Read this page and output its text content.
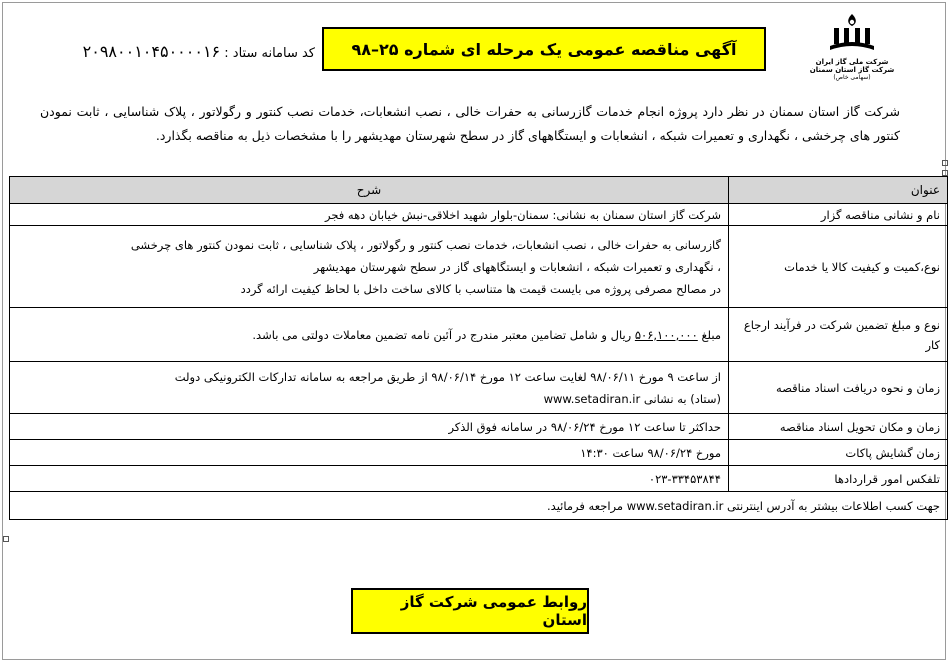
شرکت ملی گاز ایران
شرکت گاز استان سمنان
(سهامی خاص)
آگهی مناقصه عمومی یک مرحله ای شماره ۲۵–۹۸
کد سامانه ستاد : ۲۰۹۸۰۰۱۰۴۵۰۰۰۰۱۶
شرکت گاز استان سمنان در نظر دارد پروژه انجام خدمات گازرسانی به حفرات خالی ، نصب انشعابات، خدمات نصب کنتور و رگولاتور ، پلاک شناسایی ، ثابت نمودن کنتور های چرخشی ، نگهداری و تعمیرات شبکه ، انشعابات و ایستگاههای گاز در سطح شهرستان مهدیشهر را با مشخصات ذیل به مناقصه بگذارد.
عنوان	شرح
نام و نشانی مناقصه گزار	شرکت گاز استان سمنان به نشانی: سمنان-بلوار شهید اخلاقی-نبش خیابان دهه فجر
نوع،کمیت و کیفیت کالا یا خدمات	گازرسانی به حفرات خالی ، نصب انشعابات، خدمات نصب کنتور و رگولاتور ، پلاک شناسایی ، ثابت نمودن کنتور های چرخشی
، نگهداری و تعمیرات شبکه ، انشعابات و ایستگاههای گاز در سطح شهرستان مهدیشهر
در مصالح مصرفی پروژه می بایست قیمت ها متناسب با کالای ساخت داخل با لحاظ کیفیت ارائه گردد

نوع و مبلغ تضمین شرکت در فرآیند ارجاع کار	مبلغ ۵۰۶,۱۰۰,۰۰۰ ریال و شامل تضامین معتبر مندرج در آئین نامه تضمین معاملات دولتی می باشد.
زمان و نحوه دریافت اسناد مناقصه	از ساعت ۹ مورخ ۹۸/۰۶/۱۱ لغایت ساعت ۱۲ مورخ ۹۸/۰۶/۱۴ از طریق مراجعه به سامانه تدارکات الکترونیکی دولت
(ستاد) به نشانی www.setadiran.ir

زمان و مکان تحویل اسناد مناقصه	حداکثر تا ساعت ۱۲ مورخ ۹۸/۰۶/۲۴ در سامانه فوق الذکر
زمان گشایش پاکات	مورخ ۹۸/۰۶/۲۴ ساعت ۱۴:۳۰
تلفکس امور قراردادها	۰۲۳-۳۳۴۵۳۸۴۴
جهت کسب اطلاعات بیشتر به آدرس اینترنتی www.setadiran.ir مراجعه فرمائید.	
روابط عمومی شرکت گاز استان
